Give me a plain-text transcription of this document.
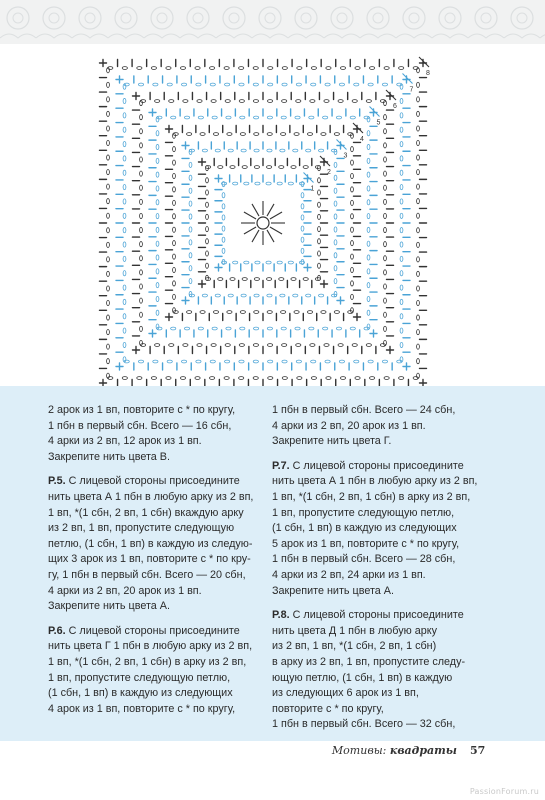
1
2
3
4
5
6
7
8
2 арок из 1 вп, повторите с * по кругу,
1 пбн в первый сбн. Всего — 16 сбн,
4 арки из 2 вп, 12 арок из 1 вп.
Закрепите нить цвета В.
Р.5. С лицевой стороны присоедините
нить цвета А 1 пбн в любую арку из 2 вп,
1 вп, *(1 сбн, 2 вп, 1 сбн) вкаждую арку
из 2 вп, 1 вп, пропустите следующую
петлю, (1 сбн, 1 вп) в каждую из следую-
щих 3 арок из 1 вп, повторите с * по кру-
гу, 1 пбн в первый сбн. Всего — 20 сбн,
4 арки из 2 вп, 20 арок из 1 вп.
Закрепите нить цвета А.
Р.6. С лицевой стороны присоедините
нить цвета Г 1 пбн в любую арку из 2 вп,
1 вп, *(1 сбн, 2 вп, 1 сбн) в арку из 2 вп,
1 вп, пропустите следующую петлю,
(1 сбн, 1 вп) в каждую из следующих
4 арок из 1 вп, повторите с * по кругу,
1 пбн в первый сбн. Всего — 24 сбн,
4 арки из 2 вп, 20 арок из 1 вп.
Закрепите нить цвета Г.
Р.7. С лицевой стороны присоедините
нить цвета А 1 пбн в любую арку из 2 вп,
1 вп, *(1 сбн, 2 вп, 1 сбн) в арку из 2 вп,
1 вп, пропустите следующую петлю,
(1 сбн, 1 вп) в каждую из следующих
5 арок из 1 вп, повторите с * по кругу,
1 пбн в первый сбн. Всего — 28 сбн,
4 арки из 2 вп, 24 арки из 1 вп.
Закрепите нить цвета А.
Р.8. С лицевой стороны присоедините
нить цвета Д 1 пбн в любую арку
из 2 вп, 1 вп, *(1 сбн, 2 вп, 1 сбн)
в арку из 2 вп, 1 вп, пропустите следу-
ющую петлю, (1 сбн, 1 вп) в каждую
из следующих 6 арок из 1 вп,
повторите с * по кругу,
1 пбн в первый сбн. Всего — 32 сбн,
Мотивы: квадраты 57
PassionForum.ru
